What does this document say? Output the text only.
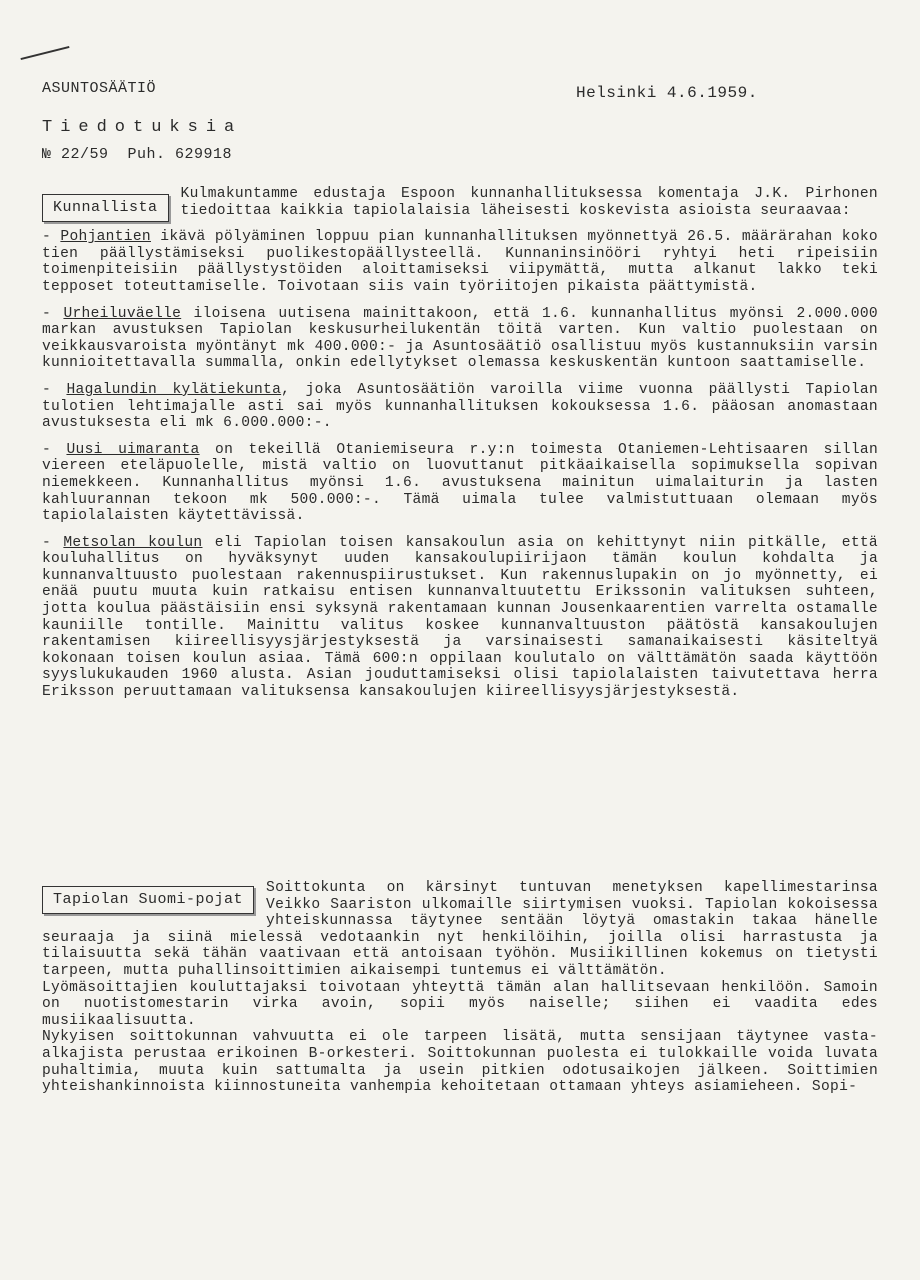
ASUNTOSÄÄTIÖ	Helsinki 4.6.1959.
Tiedotuksia
№ 22/59  Puh. 629918
Kunnallista
Kulmakuntamme edustaja Espoon kunnanhallituksessa komentaja J.K. Pirhonen tiedoittaa kaikkia tapiolalaisia läheisesti koskevista asioista seuraavaa:
- Pohjantien ikävä pölyäminen loppuu pian kunnanhallituksen myönnettyä 26.5. määrärahan koko tien päällystämiseksi puolikestopäällysteellä. Kunnaninsinööri ryhtyi heti ripeisiin toimenpiteisiin päällystystöiden aloittamiseksi viipymättä, mutta alkanut lakko teki tepposet toteuttamiselle. Toivotaan siis vain työriitojen pikaista päättymistä.
- Urheiluväelle iloisena uutisena mainittakoon, että 1.6. kunnanhallitus myönsi 2.000.000 markan avustuksen Tapiolan keskusurheilukentän töitä varten. Kun valtio puolestaan on veikkausvaroista myöntänyt mk 400.000:- ja Asuntosäätiö osallistuu myös kustannuksiin varsin kunnioitettavalla summalla, onkin edellytykset olemassa keskuskentän kuntoon saattamiselle.
- Hagalundin kylätiekunta, joka Asuntosäätiön varoilla viime vuonna päällysti Tapiolan tulotien lehtimajalle asti sai myös kunnanhallituksen kokouksessa 1.6. pääosan anomastaan avustuksesta eli mk 6.000.000:-.
- Uusi uimaranta on tekeillä Otaniemiseura r.y:n toimesta Otaniemen-Lehtisaaren sillan viereen eteläpuolelle, mistä valtio on luovuttanut pitkäaikaisella sopimuksella sopivan niemekkeen. Kunnanhallitus myönsi 1.6. avustuksena mainitun uimalaiturin ja lasten kahluurannan tekoon mk 500.000:-. Tämä uimala tulee valmistuttuaan olemaan myös tapiolalaisten käytettävissä.
- Metsolan koulun eli Tapiolan toisen kansakoulun asia on kehittynyt niin pitkälle, että kouluhallitus on hyväksynyt uuden kansakoulupiirijaon tämän koulun kohdalta ja kunnanvaltuusto puolestaan rakennuspiirustukset. Kun rakennuslupakin on jo myönnetty, ei enää puutu muuta kuin ratkaisu entisen kunnanvaltuutettu Erikssonin valituksen suhteen, jotta koulua päästäisiin ensi syksynä rakentamaan kunnan Jousenkaarentien varrelta ostamalle kauniille tontille. Mainittu valitus koskee kunnanvaltuuston päätöstä kansakoulujen rakentamisen kiireellisyysjärjestyksestä ja varsinaisesti samanaikaisesti käsiteltyä kokonaan toisen koulun asiaa. Tämä 600:n oppilaan koulutalo on välttämätön saada käyttöön syyslukukauden 1960 alusta. Asian jouduttamiseksi olisi tapiolalaisten taivutettava herra Eriksson peruuttamaan valituksensa kansakoulujen kiireellisyysjärjestyksestä.
Tapiolan Suomi-pojat
Soittokunta on kärsinyt tuntuvan menetyksen kapellimestarinsa Veikko Saariston ulkomaille siirtymisen vuoksi. Tapiolan kokoisessa yhteiskunnassa täytynee sentään löytyä omastakin takaa hänelle seuraaja ja siinä mielessä vedotaankin nyt henkilöihin, joilla olisi harrastusta ja tilaisuutta sekä tähän vaativaan että antoisaan työhön. Musiikillinen kokemus on tietysti tarpeen, mutta puhallinsoittimien aikaisempi tuntemus ei välttämätön.
Lyömäsoittajien kouluttajaksi toivotaan yhteyttä tämän alan hallitsevaan henkilöön. Samoin on nuotistomestarin virka avoin, sopii myös naiselle; siihen ei vaadita edes musiikaalisuutta.
Nykyisen soittokunnan vahvuutta ei ole tarpeen lisätä, mutta sensijaan täytynee vasta-alkajista perustaa erikoinen B-orkesteri. Soittokunnan puolesta ei tulokkaille voida luvata puhaltimia, muuta kuin sattumalta ja usein pitkien odotusaikojen jälkeen. Soittimien yhteishankinnoista kiinnostuneita vanhempia kehoitetaan ottamaan yhteys asiamieheen. Sopi-
